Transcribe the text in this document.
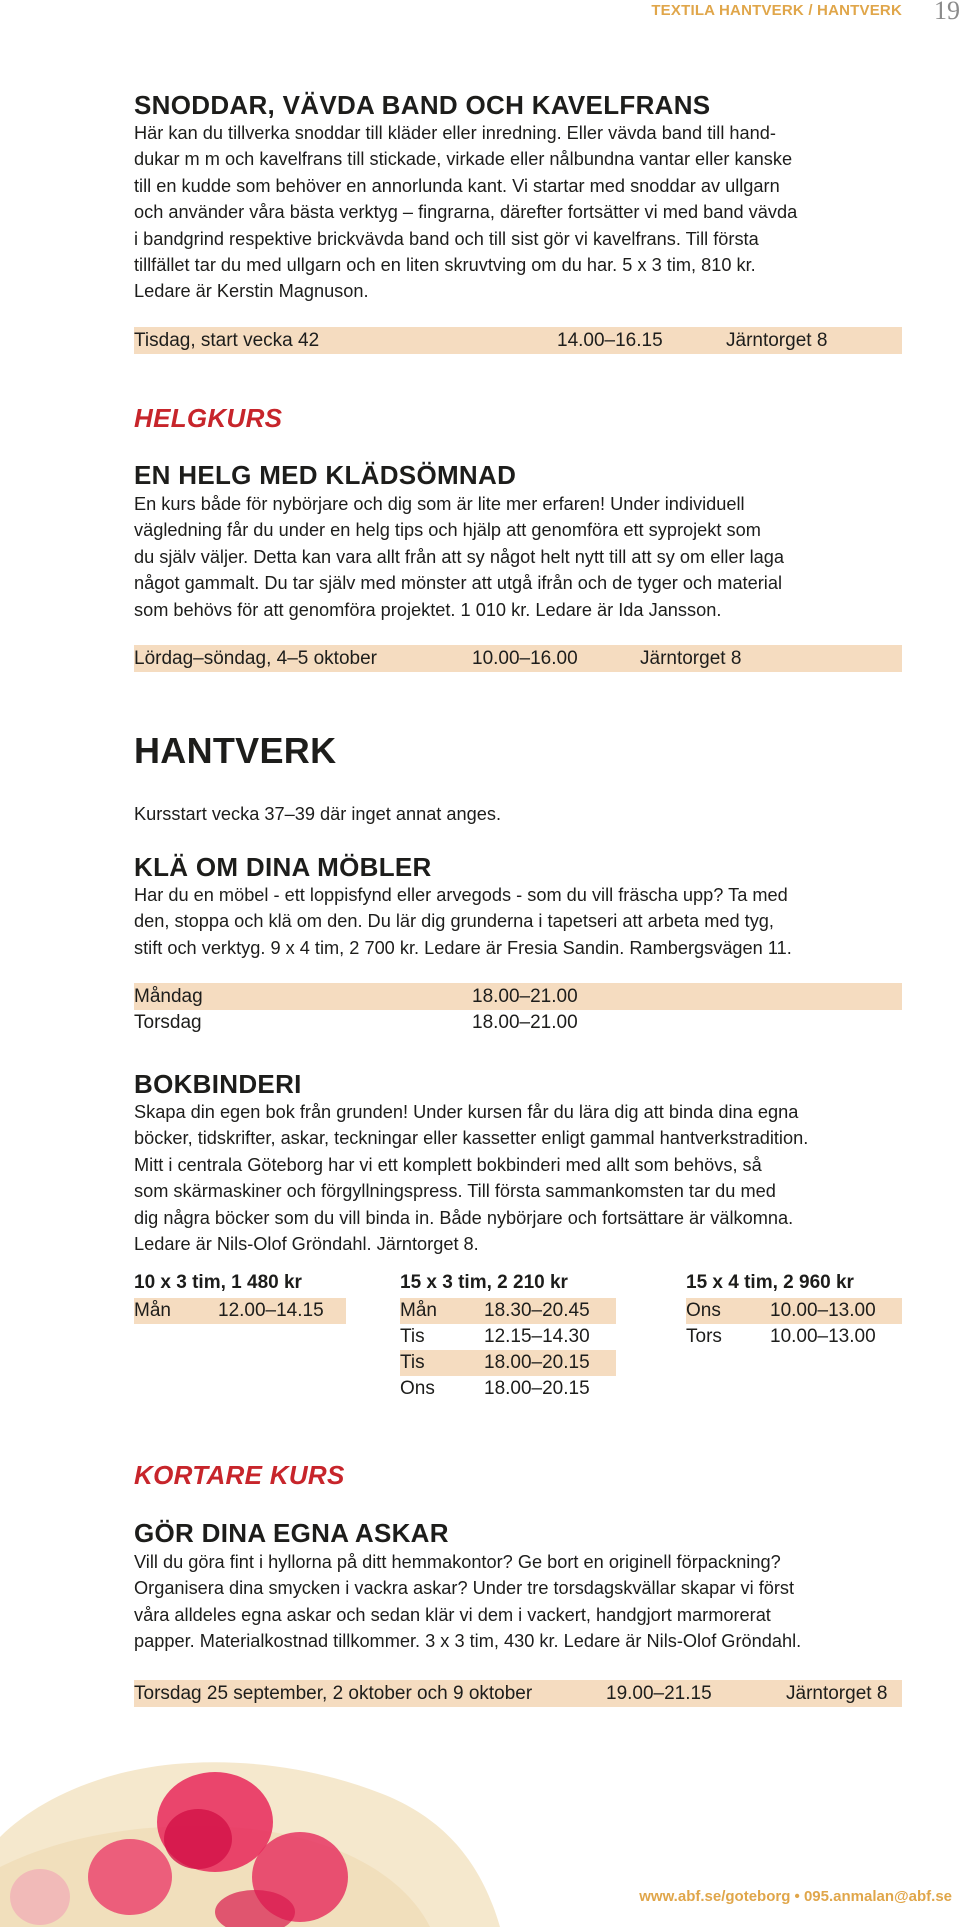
TEXTILA HANTVERK / HANTVERK 19
SNODDAR, VÄVDA BAND OCH KAVELFRANS

Här kan du tillverka snoddar till kläder eller inredning. Eller vävda band till hand-

dukar m m och kavelfrans till stickade, virkade eller nålbundna vantar eller kanske

till en kudde som behöver en annorlunda kant. Vi startar med snoddar av ullgarn

och använder våra bästa verktyg – fingrarna, därefter fortsätter vi med band vävda

i bandgrind respektive brickvävda band och till sist gör vi kavelfrans. Till första

tillfället tar du med ullgarn och en liten skruvtving om du har. 5 x 3 tim, 810 kr.

Ledare är Kerstin Magnuson.

Tisdag, start vecka 42	14.00–16.15	Järntorget 8
HELGKURS
EN HELG MED KLÄDSÖMNAD

En kurs både för nybörjare och dig som är lite mer erfaren! Under individuell

vägledning får du under en helg tips och hjälp att genomföra ett syprojekt som

du själv väljer. Detta kan vara allt från att sy något helt nytt till att sy om eller laga

något gammalt. Du tar själv med mönster att utgå ifrån och de tyger och material

som behövs för att genomföra projektet. 1 010 kr. Ledare är Ida Jansson.

Lördag–söndag, 4–5 oktober	10.00–16.00	Järntorget 8
HANTVERK

Kursstart vecka 37–39 där inget annat anges.

KLÄ OM DINA MÖBLER

Har du en möbel - ett loppisfynd eller arvegods - som du vill fräscha upp? Ta med

den, stoppa och klä om den. Du lär dig grunderna i tapetseri att arbeta med tyg,

stift och verktyg. 9 x 4 tim, 2 700 kr. Ledare är Fresia Sandin. Rambergsvägen 11.

Måndag	18.00–21.00
Torsdag	18.00–21.00
BOKBINDERI

Skapa din egen bok från grunden! Under kursen får du lära dig att binda dina egna

böcker, tidskrifter, askar, teckningar eller kassetter enligt gammal hantverkstradition.

Mitt i centrala Göteborg har vi ett komplett bokbinderi med allt som behövs, så

som skärmaskiner och förgyllningspress. Till första sammankomsten tar du med

dig några böcker som du vill binda in. Både nybörjare och fortsättare är välkomna.

Ledare är Nils-Olof Gröndahl. Järntorget 8.

10 x 3 tim, 1 480 kr
Mån 12.00–14.15
15 x 3 tim, 2 210 kr
Mån 18.30–20.45
Tis	12.15–14.30
Tis	18.00–20.15
Ons	18.00–20.15
15 x 4 tim, 2 960 kr
Ons	10.00–13.00
Tors	10.00–13.00
KORTARE KURS
GÖR DINA EGNA ASKAR

Vill du göra fint i hyllorna på ditt hemmakontor? Ge bort en originell förpackning?

Organisera dina smycken i vackra askar? Under tre torsdagskvällar skapar vi först

våra alldeles egna askar och sedan klär vi dem i vackert, handgjort marmorerat

papper. Materialkostnad tillkommer. 3 x 3 tim, 430 kr. Ledare är Nils-Olof Gröndahl.

Torsdag 25 september, 2 oktober och 9 oktober	19.00–21.15	Järntorget 8
www.abf.se/goteborg • 095.anmalan@abf.se
